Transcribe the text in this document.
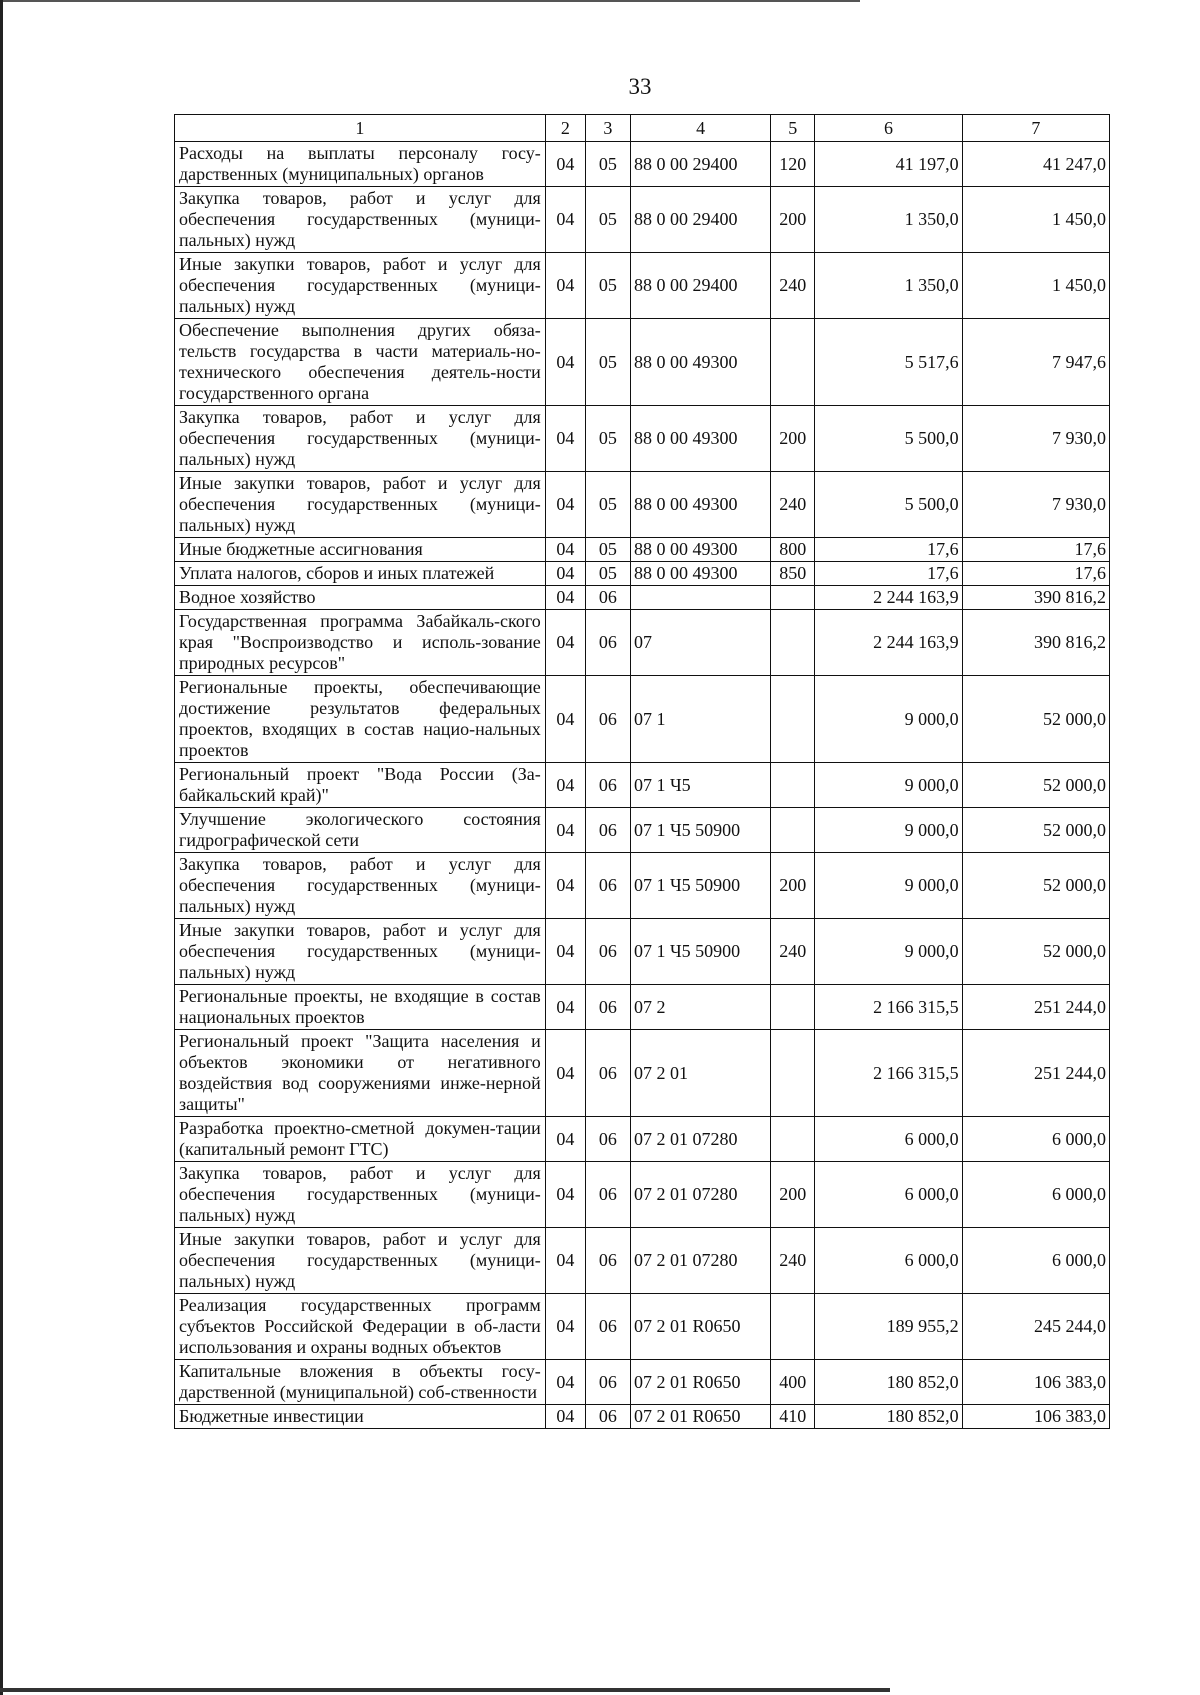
33
1	2	3	4	5	6	7
Расходы на выплаты персоналу госу-дарственных (муниципальных) органов	04	05	88 0 00 29400	120	41 197,0	41 247,0
Закупка товаров, работ и услуг для обеспечения государственных (муници-пальных) нужд	04	05	88 0 00 29400	200	1 350,0	1 450,0
Иные закупки товаров, работ и услуг для обеспечения государственных (муници-пальных) нужд	04	05	88 0 00 29400	240	1 350,0	1 450,0
Обеспечение выполнения других обяза-тельств государства в части материаль-но-технического обеспечения деятель-ности государственного органа	04	05	88 0 00 49300		5 517,6	7 947,6
Закупка товаров, работ и услуг для обеспечения государственных (муници-пальных) нужд	04	05	88 0 00 49300	200	5 500,0	7 930,0
Иные закупки товаров, работ и услуг для обеспечения государственных (муници-пальных) нужд	04	05	88 0 00 49300	240	5 500,0	7 930,0
Иные бюджетные ассигнования	04	05	88 0 00 49300	800	17,6	17,6
Уплата налогов, сборов и иных платежей	04	05	88 0 00 49300	850	17,6	17,6
Водное хозяйство	04	06			2 244 163,9	390 816,2
Государственная программа Забайкаль-ского края "Воспроизводство и исполь-зование природных ресурсов"	04	06	07		2 244 163,9	390 816,2
Региональные проекты, обеспечивающие достижение результатов федеральных проектов, входящих в состав нацио-нальных проектов	04	06	07 1		9 000,0	52 000,0
Региональный проект "Вода России (За-байкальский край)"	04	06	07 1 Ч5		9 000,0	52 000,0
Улучшение экологического состояния гидрографической сети	04	06	07 1 Ч5 50900		9 000,0	52 000,0
Закупка товаров, работ и услуг для обеспечения государственных (муници-пальных) нужд	04	06	07 1 Ч5 50900	200	9 000,0	52 000,0
Иные закупки товаров, работ и услуг для обеспечения государственных (муници-пальных) нужд	04	06	07 1 Ч5 50900	240	9 000,0	52 000,0
Региональные проекты, не входящие в состав национальных проектов	04	06	07 2		2 166 315,5	251 244,0
Региональный проект "Защита населения и объектов экономики от негативного воздействия вод сооружениями инже-нерной защиты"	04	06	07 2 01		2 166 315,5	251 244,0
Разработка проектно-сметной докумен-тации (капитальный ремонт ГТС)	04	06	07 2 01 07280		6 000,0	6 000,0
Закупка товаров, работ и услуг для обеспечения государственных (муници-пальных) нужд	04	06	07 2 01 07280	200	6 000,0	6 000,0
Иные закупки товаров, работ и услуг для обеспечения государственных (муници-пальных) нужд	04	06	07 2 01 07280	240	6 000,0	6 000,0
Реализация государственных программ субъектов Российской Федерации в об-ласти использования и охраны водных объектов	04	06	07 2 01 R0650		189 955,2	245 244,0
Капитальные вложения в объекты госу-дарственной (муниципальной) соб-ственности	04	06	07 2 01 R0650	400	180 852,0	106 383,0
Бюджетные инвестиции	04	06	07 2 01 R0650	410	180 852,0	106 383,0
